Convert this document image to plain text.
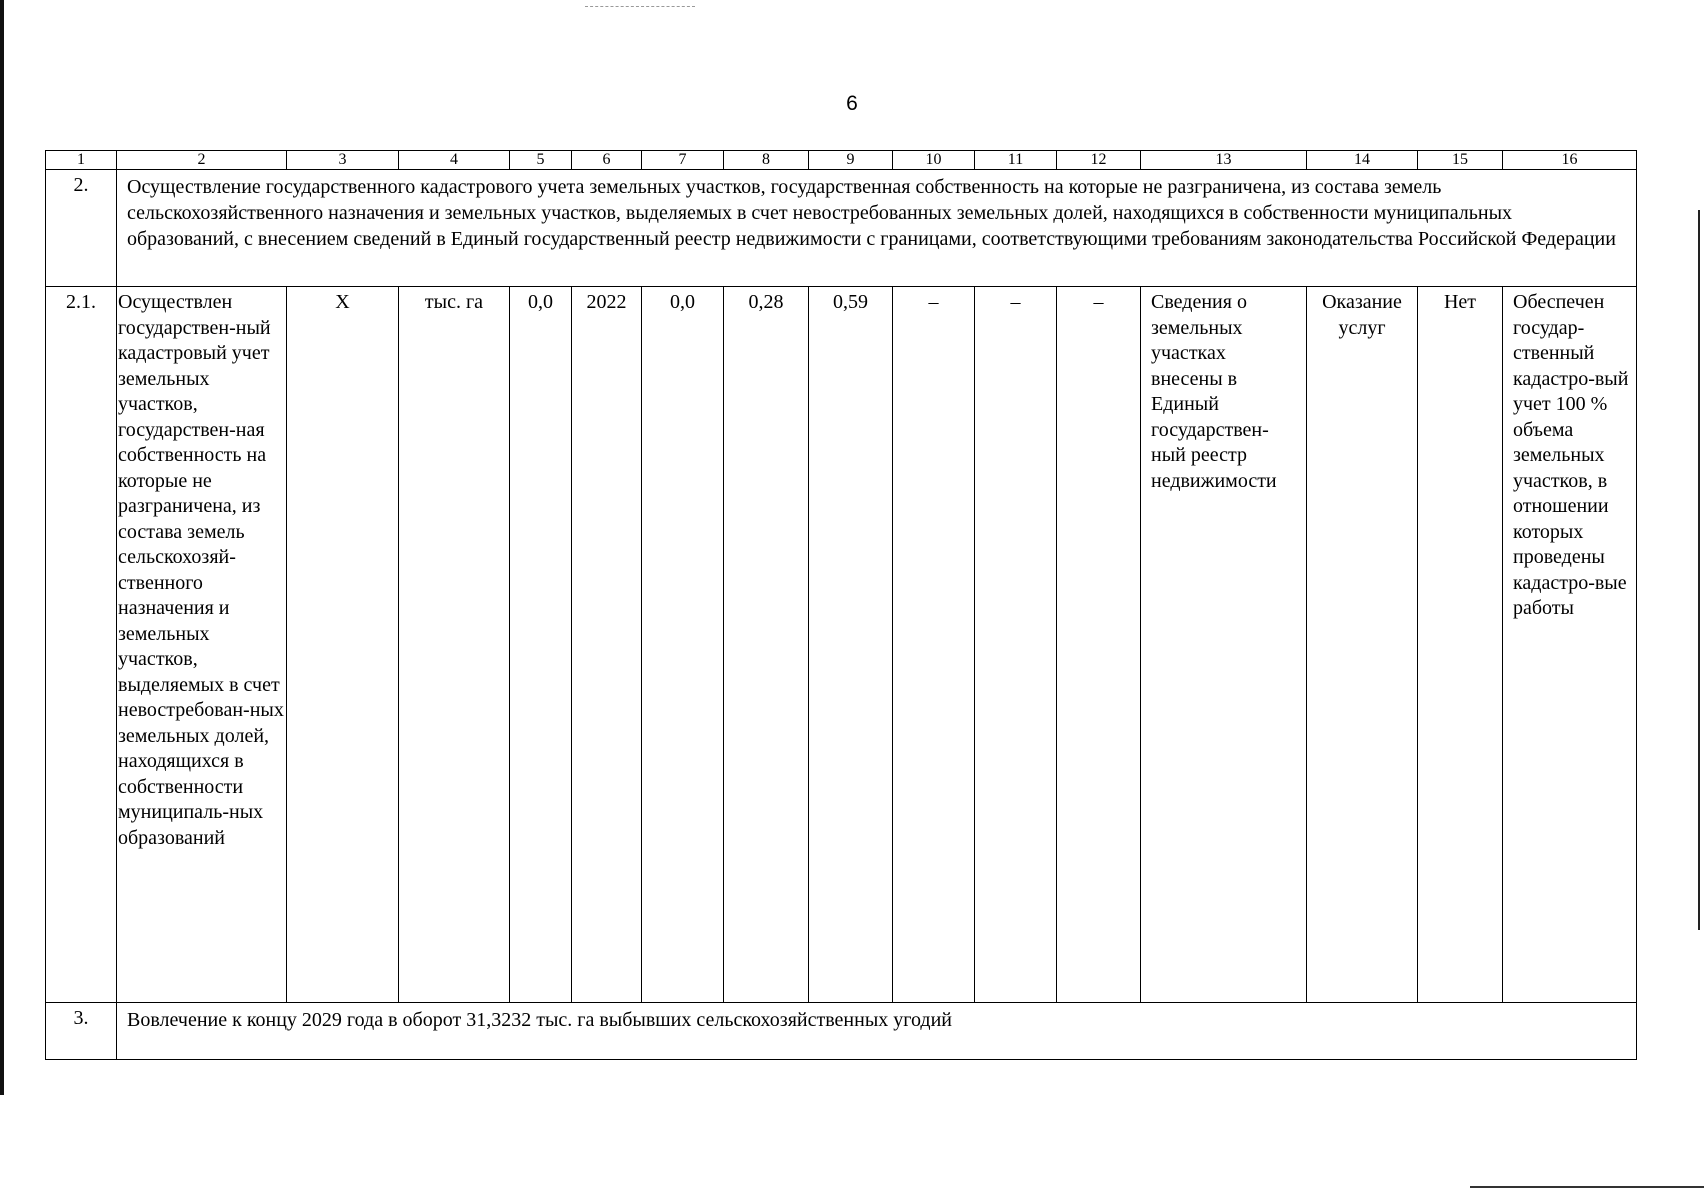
6
1	2	3	4	5	6	7	8	9	10	11	12	13	14	15	16
2.	Осуществление государственного кадастрового учета земельных участков, государственная собственность на которые не разграничена, из состава земель сельскохозяйственного назначения и земельных участков, выделяемых в счет невостребованных земельных долей, находящихся в собственности муниципальных образований, с внесением сведений в Единый государственный реестр недвижимости с границами, соответствующими требованиям законодательства Российской Федерации														
2.1.	Осуществлен государствен-ный кадастровый учет земельных участков, государствен-ная собственность на которые не разграничена, из состава земель сельскохозяй-ственного назначения и земельных участков, выделяемых в счет невостребован-ных земельных долей, находящихся в собственности муниципаль-ных образований	X	тыс. га	0,0	2022	0,0	0,28	0,59	–	–	–	Сведения о земельных участках внесены в Единый государствен-ный реестр недвижимости	Оказание услуг	Нет	Обеспечен государ-ственный кадастро-вый учет 100 % объема земельных участков, в отношении которых проведены кадастро-вые работы
3.	Вовлечение к концу 2029 года в оборот 31,3232 тыс. га выбывших сельскохозяйственных угодий														
